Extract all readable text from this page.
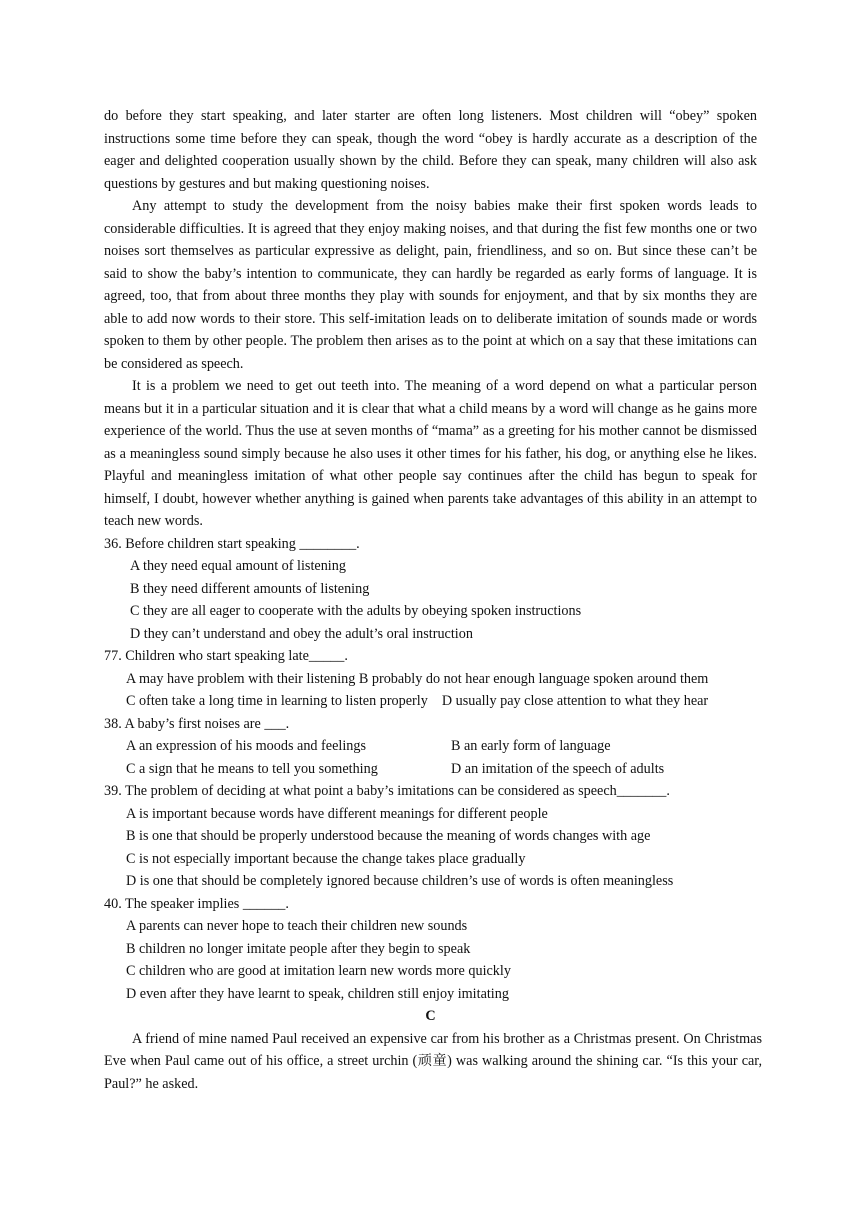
do before they start speaking, and later starter are often long listeners. Most children will “obey” spoken instructions some time before they can speak, though the word “obey is hardly accurate as a description of the eager and delighted cooperation usually shown by the child. Before they can speak, many children will also ask questions by gestures and but making questioning noises.

Any attempt to study the development from the noisy babies make their first spoken words leads to considerable difficulties. It is agreed that they enjoy making noises, and that during the fist few months one or two noises sort themselves as particular expressive as delight, pain, friendliness, and so on. But since these can’t be said to show the baby’s intention to communicate, they can hardly be regarded as early forms of language. It is agreed, too, that from about three months they play with sounds for enjoyment, and that by six months they are able to add now words to their store. This self-imitation leads on to deliberate imitation of sounds made or words spoken to them by other people. The problem then arises as to the point at which on a say that these imitations can be considered as speech.

It is a problem we need to get out teeth into. The meaning of a word depend on what a particular person means but it in a particular situation and it is clear that what a child means by a word will change as he gains more experience of the world. Thus the use at seven months of “mama” as a greeting for his mother cannot be dismissed as a meaningless sound simply because he also uses it other times for his father, his dog, or anything else he likes. Playful and meaningless imitation of what other people say continues after the child has begun to speak for himself, I doubt, however whether anything is gained when parents take advantages of this ability in an attempt to teach new words.

36. Before children start speaking ________.

A they need equal amount of listening

B they need different amounts of listening

C they are all eager to cooperate with the adults by obeying spoken instructions

D they can’t understand and obey the adult’s oral instruction

77. Children who start speaking late_____.

A may have problem with their listening B probably do not hear enough language spoken around them

C often take a long time in learning to listen properly D usually pay close attention to what they hear

38. A baby’s first noises are ___.

A an expression of his moods and feelings	B an early form of language
C a sign that he means to tell you something	D an imitation of the speech of adults

39. The problem of deciding at what point a baby’s imitations can be considered as speech_______.

A is important because words have different meanings for different people

B is one that should be properly understood because the meaning of words changes with age

C is not especially important because the change takes place gradually

D is one that should be completely ignored because children’s use of words is often meaningless

40. The speaker implies ______.

A parents can never hope to teach their children new sounds

B children no longer imitate people after they begin to speak

C children who are good at imitation learn new words more quickly

D even after they have learnt to speak, children still enjoy imitating

C

A friend of mine named Paul received an expensive car from his brother as a Christmas present. On Christmas Eve when Paul came out of his office, a street urchin (顽童) was walking around the shining car. “Is this your car, Paul?” he asked.
